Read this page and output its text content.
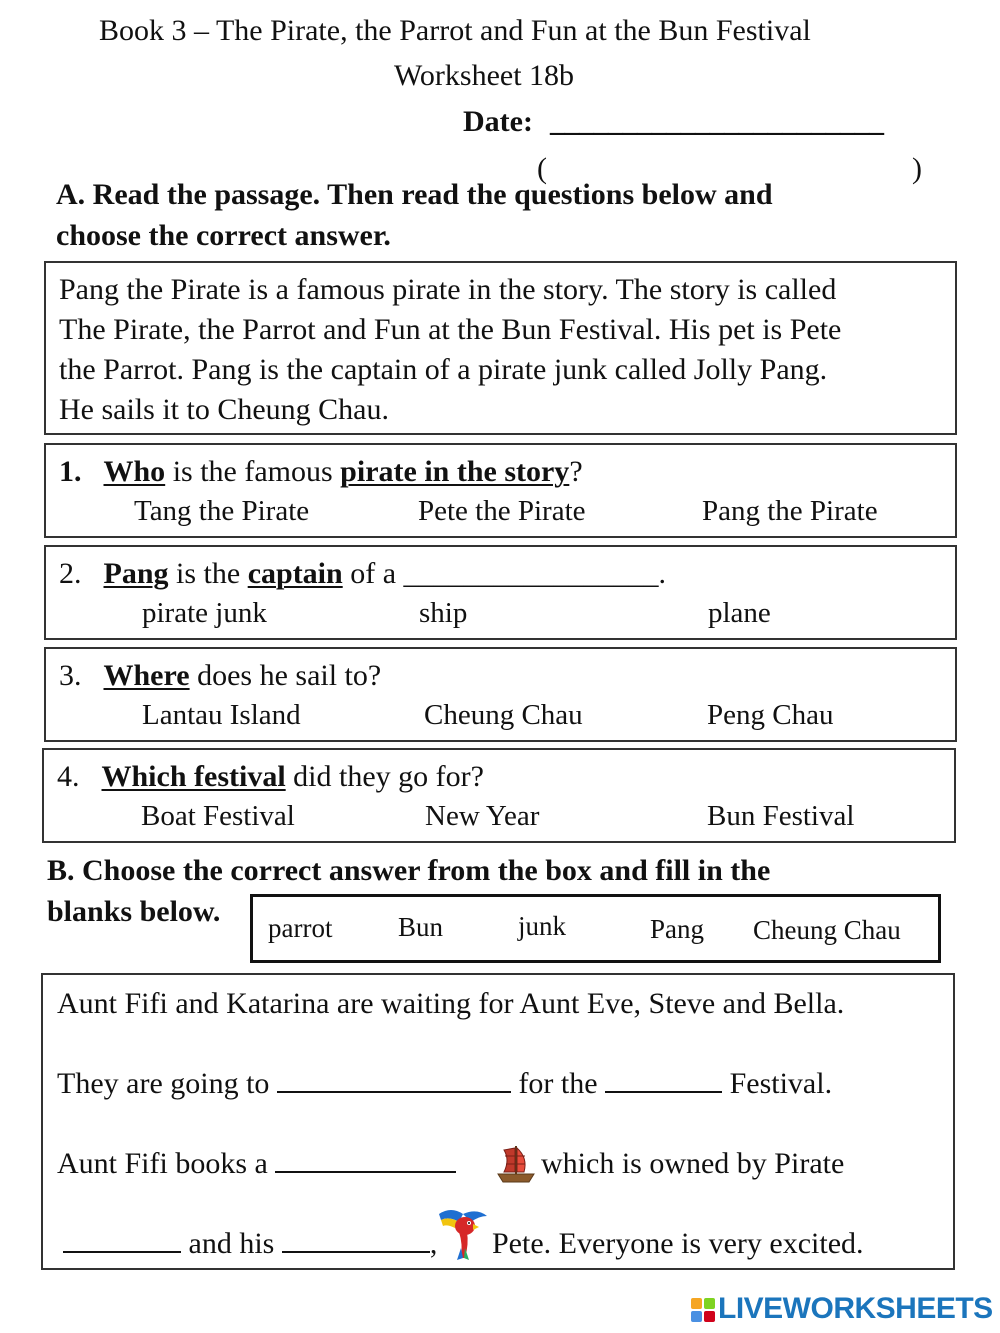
Book 3 – The Pirate, the Parrot and Fun at the Bun Festival
Worksheet 18b
Date: _______________________
(	)
A. Read the passage. Then read the questions below and
choose the correct answer.
Pang the Pirate is a famous pirate in the story. The story is called
The Pirate, the Parrot and Fun at the Bun Festival. His pet is Pete
the Parrot. Pang is the captain of a pirate junk called Jolly Pang.
He sails it to Cheung Chau.
1. Who is the famous pirate in the story?
Tang the Pirate	Pete the Pirate	Pang the Pirate
2. Pang is the captain of a _________________.
pirate junk	ship	plane
3. Where does he sail to?
Lantau Island	Cheung Chau	Peng Chau
4. Which festival did they go for?
Boat Festival	New Year	Bun Festival
B. Choose the correct answer from the box and fill in the
blanks below. parrot Bun	junk	Pang Cheung Chau
Aunt Fifi and Katarina are waiting for Aunt Eve, Steve and Bella.
They are going to	for the	Festival.
Aunt Fifi books a	which is owned by Pirate
and his	, Pete. Everyone is very excited.
LIVEWORKSHEETS
